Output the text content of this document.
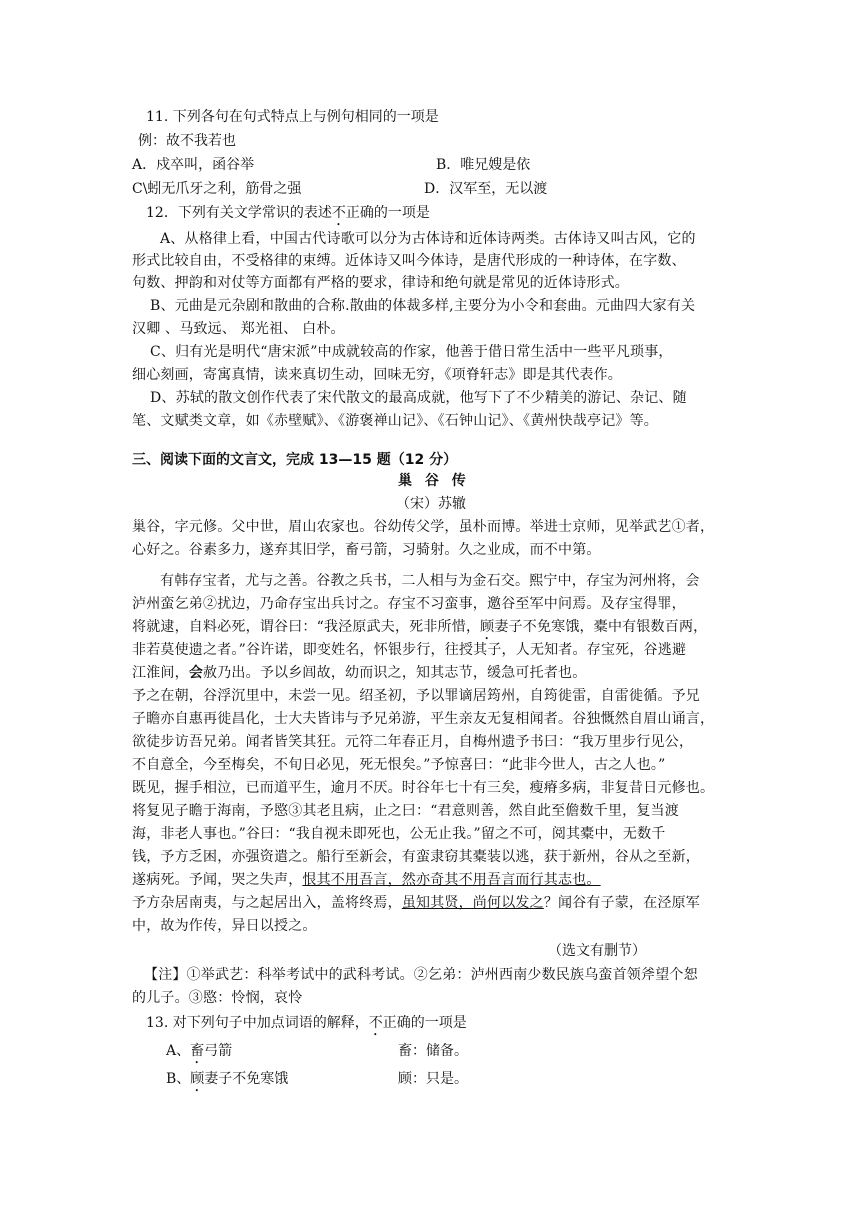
11. 下列各句在句式特点上与例句相同的一项是
例：故不我若也
A．戍卒叫，函谷举	B．唯兄嫂是依
C\蚓无爪牙之利，筋骨之强	D．汉军至，无以渡
12．下列有关文学常识的表述不正确的一项是
A、从格律上看，中国古代诗歌可以分为古体诗和近体诗两类。古体诗又叫古风，它的
形式比较自由，不受格律的束缚。近体诗又叫今体诗，是唐代形成的一种诗体，在字数、
句数、押韵和对仗等方面都有严格的要求，律诗和绝句就是常见的近体诗形式。
B、元曲是元杂剧和散曲的合称.散曲的体裁多样,主要分为小令和套曲。元曲四大家有关
汉卿 、马致远、 郑光祖、 白朴。
C、归有光是明代“唐宋派”中成就较高的作家，他善于借日常生活中一些平凡琐事，
细心刻画，寄寓真情，读来真切生动，回味无穷，《项脊轩志》即是其代表作。
D、苏轼的散文创作代表了宋代散文的最高成就，他写下了不少精美的游记、杂记、随
笔、文赋类文章，如《赤壁赋》、《游褒禅山记》、《石钟山记》、《黄州快哉亭记》等。
三、阅读下面的文言文，完成 13—15 题（12 分）
巢 谷 传
（宋）苏辙
巢谷，字元修。父中世，眉山农家也。谷幼传父学，虽朴而博。举进士京师，见举武艺①者，
心好之。谷素多力，遂弃其旧学，畜弓箭，习骑射。久之业成，而不中第。
有韩存宝者，尤与之善。谷教之兵书，二人相与为金石交。熙宁中，存宝为河州将，会
泸州蛮乞弟②扰边，乃命存宝出兵讨之。存宝不习蛮事，邀谷至军中问焉。及存宝得罪，
将就逮，自料必死，谓谷曰：“我泾原武夫，死非所惜，顾妻子不免寒饿，橐中有银数百两，
非若莫使遗之者。”谷许诺，即变姓名，怀银步行，往授其子，人无知者。存宝死，谷逃避
江淮间，会赦乃出。予以乡闾故，幼而识之，知其志节，缓急可托者也。
予之在朝，谷浮沉里中，未尝一见。绍圣初，予以罪谪居筠州，自筠徙雷，自雷徙循。予兄
子瞻亦自惠再徙昌化，士大夫皆讳与予兄弟游，平生亲友无复相闻者。谷独慨然自眉山诵言，
欲徒步访吾兄弟。闻者皆笑其狂。元符二年春正月，自梅州遗予书曰：“我万里步行见公，
不自意全，今至梅矣，不旬日必见，死无恨矣。”予惊喜曰：“此非今世人，古之人也。”
既见，握手相泣，已而道平生，逾月不厌。时谷年七十有三矣，瘦瘠多病，非复昔日元修也。
将复见子瞻于海南，予愍③其老且病，止之曰：“君意则善，然自此至儋数千里，复当渡
海，非老人事也。”谷曰：“我自视未即死也，公无止我。”留之不可，阅其橐中，无数千
钱，予方乏困，亦强资遣之。船行至新会，有蛮隶窃其橐装以逃，获于新州，谷从之至新，
遂病死。予闻，哭之失声，恨其不用吾言，然亦奇其不用吾言而行其志也。
予方杂居南夷，与之起居出入，盖将终焉，虽知其贤，尚何以发之？闻谷有子蒙，在泾原军
中，故为作传，异日以授之。
（选文有删节）
【注】①举武艺：科举考试中的武科考试。②乞弟：泸州西南少数民族乌蛮首领斧望个恕
的儿子。③愍：怜悯，哀怜
13. 对下列句子中加点词语的解释，不正确的一项是
A、畜弓箭	畜：储备。
B、顾妻子不免寒饿	顾：只是。
